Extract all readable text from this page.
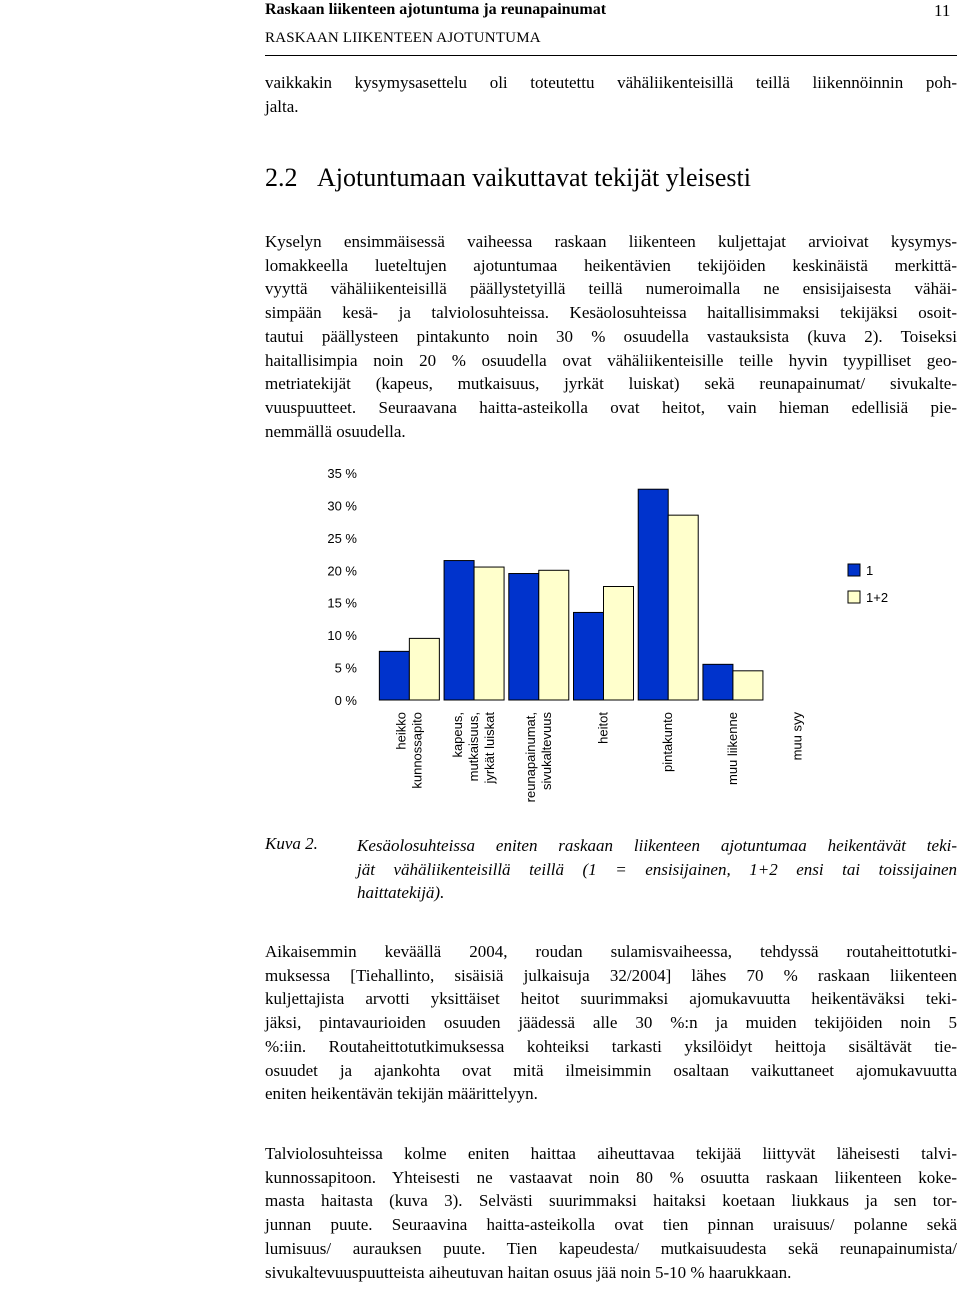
Raskaan liikenteen ajotuntuma ja reunapainumat
RASKAAN LIIKENTEEN AJOTUNTUMA
11
vaikkakin kysymysasettelu oli toteutettu vähäliikenteisillä teillä liikennöinnin poh-
jalta.
2.2 Ajotuntumaan vaikuttavat tekijät yleisesti
Kyselyn ensimmäisessä vaiheessa raskaan liikenteen kuljettajat arvioivat kysymys-
lomakkeella lueteltujen ajotuntumaa heikentävien tekijöiden keskinäistä merkittä-
vyyttä vähäliikenteisillä päällystetyillä teillä numeroimalla ne ensisijaisesta vähäi-
simpään kesä- ja talviolosuhteissa. Kesäolosuhteissa haitallisimmaksi tekijäksi osoit-
tautui päällysteen pintakunto noin 30 % osuudella vastauksista (kuva 2). Toiseksi
haitallisimpia noin 20 % osuudella ovat vähäliikenteisille teille hyvin tyypilliset geo-
metriatekijät (kapeus, mutkaisuus, jyrkät luiskat) sekä reunapainumat/ sivukalte-
vuuspuutteet. Seuraavana haitta-asteikolla ovat heitot, vain hieman edellisiä pie-
nemmällä osuudella.
0 %
5 %
10 %
15 %
20 %
25 %
30 %
35 %
heikko kunnossapito kapeus, mutkaisuus, jyrkät luiskat reunapainumat, sivukaltevuus	heitot	pintakunto	muu liikenne	muu syy
1
1+2
Kuva 2. Kesäolosuhteissa eniten raskaan liikenteen ajotuntumaa heikentävät teki-
jät vähäliikenteisillä teillä (1 = ensisijainen, 1+2 ensi tai toissijainen
haittatekijä).
Aikaisemmin keväällä 2004, roudan sulamisvaiheessa, tehdyssä routaheittotutki-
muksessa [Tiehallinto, sisäisiä julkaisuja 32/2004] lähes 70 % raskaan liikenteen
kuljettajista arvotti yksittäiset heitot suurimmaksi ajomukavuutta heikentäväksi teki-
jäksi, pintavaurioiden osuuden jäädessä alle 30 %:n ja muiden tekijöiden noin 5
%:iin. Routaheittotutkimuksessa kohteiksi tarkasti yksilöidyt heittoja sisältävät tie-
osuudet ja ajankohta ovat mitä ilmeisimmin osaltaan vaikuttaneet ajomukavuutta
eniten heikentävän tekijän määrittelyyn.
Talviolosuhteissa kolme eniten haittaa aiheuttavaa tekijää liittyvät läheisesti talvi-
kunnossapitoon. Yhteisesti ne vastaavat noin 80 % osuutta raskaan liikenteen koke-
masta haitasta (kuva 3). Selvästi suurimmaksi haitaksi koetaan liukkaus ja sen tor-
junnan puute. Seuraavina haitta-asteikolla ovat tien pinnan uraisuus/ polanne sekä
lumisuus/ aurauksen puute. Tien kapeudesta/ mutkaisuudesta sekä reunapainumista/
sivukaltevuuspuutteista aiheutuvan haitan osuus jää noin 5-10 % haarukkaan.
